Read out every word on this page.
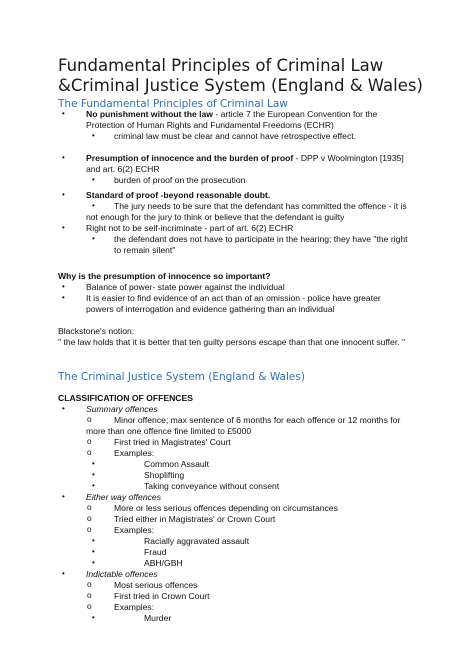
Fundamental Principles of Criminal Law
&Criminal Justice System (England & Wales)
The Fundamental Principles of Criminal Law
• No punishment without the law - article 7 the European Convention for the
Protection of Human Rights and Fundamental Freedoms (ECHR)
• criminal law must be clear and cannot have retrospective effect.
• Presumption of innocence and the burden of proof - DPP v Woolmington [1935]
and art. 6(2) ECHR
• burden of proof on the prosecution
• Standard of proof -beyond reasonable doubt.
• The jury needs to be sure that the defendant has committed the offence - it is
not enough for the jury to think or believe that the defendant is guilty
• Right not to be self-incriminate - part of art. 6(2) ECHR
• the defendant does not have to participate in the hearing; they have "the right
to remain silent"
Why is the presumption of innocence so important?
• Balance of power- state power against the individual
• It is easier to find evidence of an act than of an omission - police have greater
powers of interrogation and evidence gathering than an individual
Blackstone's notion:
" the law holds that it is better that ten guilty persons escape than that one innocent suffer. "
The Criminal Justice System (England & Wales)
CLASSIFICATION OF OFFENCES
• Summary offences
o	Minor offence; max sentence of 6 months for each offence or 12 months for
more than one offence fine limited to £5000
o	First tried in Magistrates' Court
o	Examples:
•	Common Assault
•	Shoplifting
•	Taking conveyance without consent
• Either way offences
o	More or less serious offences depending on circumstances
o	Tried either in Magistrates' or Crown Court
o	Examples:
•	Racially aggravated assault
•	Fraud
•	ABH/GBH
• Indictable offences
o	Most serious offences
o	First tried in Crown Court
o	Examples:
•	Murder
